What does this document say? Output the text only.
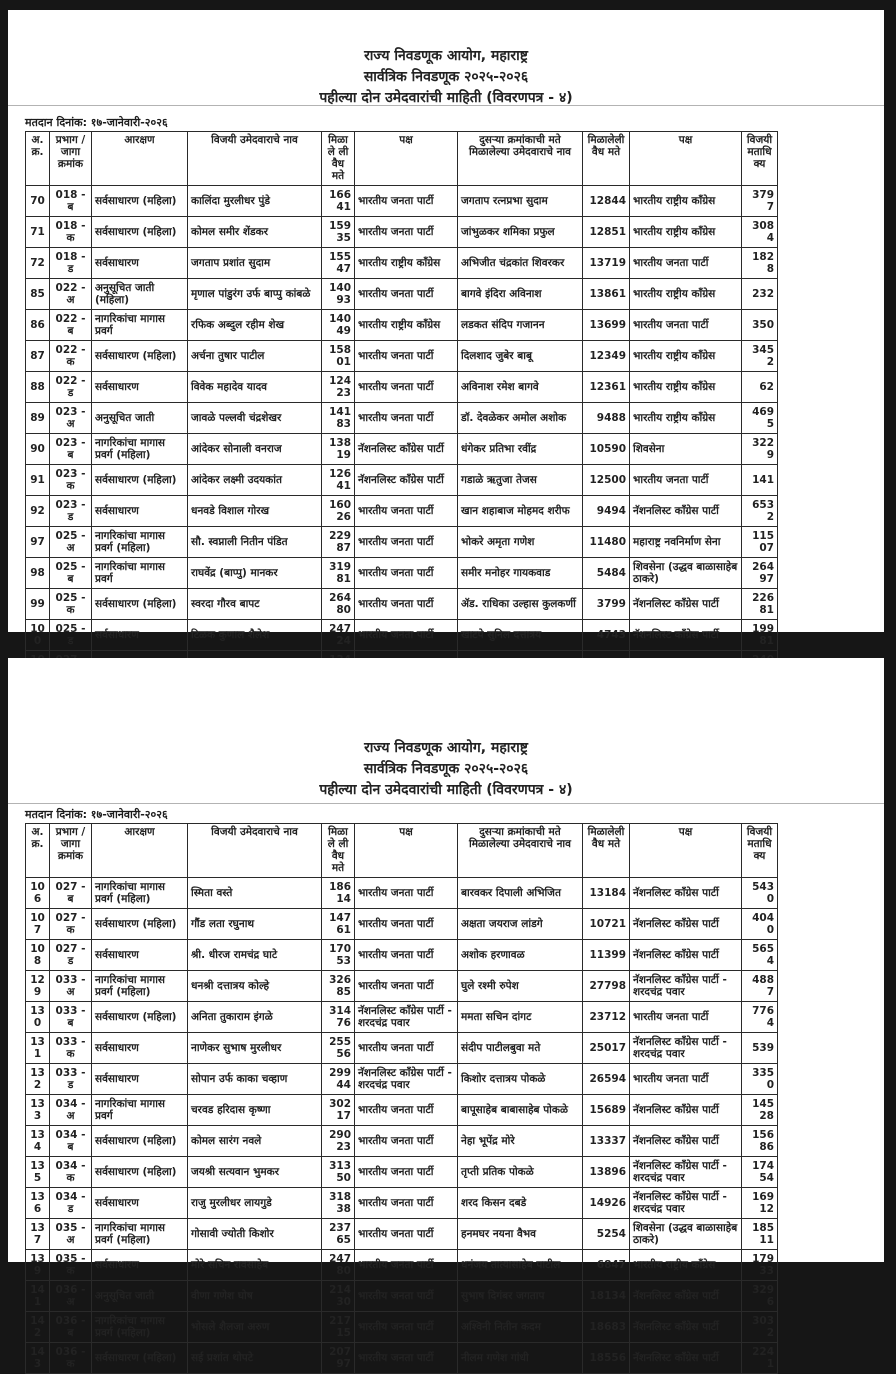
राज्य निवडणूक आयोग, महाराष्ट्र
सार्वत्रिक निवडणूक २०२५-२०२६
पहील्या दोन उमेदवारांची माहिती (विवरणपत्र - ४)
मतदान दिनांक: १७-जानेवारी-२०२६
अ. क्र.	प्रभाग / जागा क्रमांक	आरक्षण	विजयी उमेदवाराचे नाव	मिळाले ली वैध मते	पक्ष	दुसऱ्या क्रमांकाची मते मिळालेल्या उमेदवाराचे नाव	मिळालेली वैध मते	पक्ष	विजयी मताधिक्य
70	018 - ब	सर्वसाधारण (महिला)	कालिंदा मुरलीधर पुंडे	16641	भारतीय जनता पार्टी	जगताप रत्नप्रभा सुदाम	12844	भारतीय राष्ट्रीय काँग्रेस	3797
71	018 - क	सर्वसाधारण (महिला)	कोमल समीर शेंडकर	15935	भारतीय जनता पार्टी	जांभुळकर शमिका प्रफुल	12851	भारतीय राष्ट्रीय काँग्रेस	3084
72	018 - ड	सर्वसाधारण	जगताप प्रशांत सुदाम	15547	भारतीय राष्ट्रीय काँग्रेस	अभिजीत चंद्रकांत शिवरकर	13719	भारतीय जनता पार्टी	1828
85	022 - अ	अनुसूचित जाती (महिला)	मृणाल पांडुरंग उर्फ बाप्पु कांबळे	14093	भारतीय जनता पार्टी	बागवे इंदिरा अविनाश	13861	भारतीय राष्ट्रीय काँग्रेस	232
86	022 - ब	नागरिकांचा मागास प्रवर्ग	रफिक अब्दुल रहीम शेख	14049	भारतीय राष्ट्रीय काँग्रेस	लडकत संदिप गजानन	13699	भारतीय जनता पार्टी	350
87	022 - क	सर्वसाधारण (महिला)	अर्चना तुषार पाटील	15801	भारतीय जनता पार्टी	दिलशाद जुबेर बाबू	12349	भारतीय राष्ट्रीय काँग्रेस	3452
88	022 - ड	सर्वसाधारण	विवेक महादेव यादव	12423	भारतीय जनता पार्टी	अविनाश रमेश बागवे	12361	भारतीय राष्ट्रीय काँग्रेस	62
89	023 - अ	अनुसूचित जाती	जावळे पल्लवी चंद्रशेखर	14183	भारतीय जनता पार्टी	डॉ. देवळेकर अमोल अशोक	9488	भारतीय राष्ट्रीय काँग्रेस	4695
90	023 - ब	नागरिकांचा मागास प्रवर्ग (महिला)	आंदेकर सोनाली वनराज	13819	नॅशनलिस्ट काँग्रेस पार्टी	धंगेकर प्रतिभा रवींद्र	10590	शिवसेना	3229
91	023 - क	सर्वसाधारण (महिला)	आंदेकर लक्ष्मी उदयकांत	12641	नॅशनलिस्ट काँग्रेस पार्टी	गडाळे ऋतुजा तेजस	12500	भारतीय जनता पार्टी	141
92	023 - ड	सर्वसाधारण	धनवडे विशाल गोरख	16026	भारतीय जनता पार्टी	खान शहाबाज मोहमद शरीफ	9494	नॅशनलिस्ट काँग्रेस पार्टी	6532
97	025 - अ	नागरिकांचा मागास प्रवर्ग (महिला)	सौ. स्वप्नाली नितीन पंडित	22987	भारतीय जनता पार्टी	भोकरे अमृता गणेश	11480	महाराष्ट्र नवनिर्माण सेना	11507
98	025 - ब	नागरिकांचा मागास प्रवर्ग	राघवेंद्र (बाप्पु) मानकर	31981	भारतीय जनता पार्टी	समीर मनोहर गायकवाड	5484	शिवसेना (उद्धव बाळासाहेब ठाकरे)	26497
99	025 - क	सर्वसाधारण (महिला)	स्वरदा गौरव बापट	26480	भारतीय जनता पार्टी	ॲड. राधिका उल्हास कुलकर्णी	3799	नॅशनलिस्ट काँग्रेस पार्टी	22681
100	025 - ड	सर्वसाधारण	टिळक कुणाल शैलेश	24724	भारतीय जनता पार्टी	खाटपे सुनिल दत्तात्रय	4743	नॅशनलिस्ट काँग्रेस पार्टी	19981

राज्य निवडणूक आयोग, महाराष्ट्र
सार्वत्रिक निवडणूक २०२५-२०२६
पहील्या दोन उमेदवारांची माहिती (विवरणपत्र - ४)
मतदान दिनांक: १७-जानेवारी-२०२६
अ. क्र.	प्रभाग / जागा क्रमांक	आरक्षण	विजयी उमेदवाराचे नाव	मिळाले ली वैध मते	पक्ष	दुसऱ्या क्रमांकाची मते मिळालेल्या उमेदवाराचे नाव	मिळालेली वैध मते	पक्ष	विजयी मताधिक्य
106	027 - ब	नागरिकांचा मागास प्रवर्ग (महिला)	स्मिता वस्ते	18614	भारतीय जनता पार्टी	बारवकर दिपाली अभिजित	13184	नॅशनलिस्ट काँग्रेस पार्टी	5430
107	027 - क	सर्वसाधारण (महिला)	गौंड लता रघुनाथ	14761	भारतीय जनता पार्टी	अक्षता जयराज लांडगे	10721	नॅशनलिस्ट काँग्रेस पार्टी	4040
108	027 - ड	सर्वसाधारण	श्री. धीरज रामचंद्र घाटे	17053	भारतीय जनता पार्टी	अशोक हरणावळ	11399	नॅशनलिस्ट काँग्रेस पार्टी	5654
129	033 - अ	नागरिकांचा मागास प्रवर्ग (महिला)	धनश्री दत्तात्रय कोल्हे	32685	भारतीय जनता पार्टी	घुले रश्मी रुपेश	27798	नॅशनलिस्ट काँग्रेस पार्टी - शरदचंद्र पवार	4887
130	033 - ब	सर्वसाधारण (महिला)	अनिता तुकाराम इंगळे	31476	नॅशनलिस्ट काँग्रेस पार्टी - शरदचंद्र पवार	ममता सचिन दांगट	23712	भारतीय जनता पार्टी	7764
131	033 - क	सर्वसाधारण	नाणेकर सुभाष मुरलीधर	25556	भारतीय जनता पार्टी	संदीप पाटीलबुवा मते	25017	नॅशनलिस्ट काँग्रेस पार्टी - शरदचंद्र पवार	539
132	033 - ड	सर्वसाधारण	सोपान उर्फ काका चव्हाण	29944	नॅशनलिस्ट काँग्रेस पार्टी - शरदचंद्र पवार	किशोर दत्तात्रय पोकळे	26594	भारतीय जनता पार्टी	3350
133	034 - अ	नागरिकांचा मागास प्रवर्ग	चरवड हरिदास कृष्णा	30217	भारतीय जनता पार्टी	बापूसाहेब बाबासाहेब पोकळे	15689	नॅशनलिस्ट काँग्रेस पार्टी	14528
134	034 - ब	सर्वसाधारण (महिला)	कोमल सारंग नवले	29023	भारतीय जनता पार्टी	नेहा भूपेंद्र मोरे	13337	नॅशनलिस्ट काँग्रेस पार्टी	15686
135	034 - क	सर्वसाधारण (महिला)	जयश्री सत्यवान भुमकर	31350	भारतीय जनता पार्टी	तृप्ती प्रतिक पोकळे	13896	नॅशनलिस्ट काँग्रेस पार्टी - शरदचंद्र पवार	17454
136	034 - ड	सर्वसाधारण	राजु मुरलीधर लायगुडे	31838	भारतीय जनता पार्टी	शरद किसन दबडे	14926	नॅशनलिस्ट काँग्रेस पार्टी - शरदचंद्र पवार	16912
137	035 - अ	नागरिकांचा मागास प्रवर्ग (महिला)	गोसावी ज्योती किशोर	23765	भारतीय जनता पार्टी	हनमघर नयना वैभव	5254	शिवसेना (उद्धव बाळासाहेब ठाकरे)	18511
139	035 - क	सर्वसाधारण	मोरे सचिन रावसाहेब	24780	भारतीय जनता पार्टी	धनंजय तात्यासाहेब पाटील	6847	भारतीय राष्ट्रीय काँग्रेस	17933
141	036 - अ	अनुसूचित जाती	वीणा गणेश घोष	21430	भारतीय जनता पार्टी	सुभाष दिगंबर जगताप	18134	नॅशनलिस्ट काँग्रेस पार्टी	3296
142	036 - ब	नागरिकांचा मागास प्रवर्ग (महिला)	भोसले शैलजा अरुण	21715	भारतीय जनता पार्टी	अश्विनी नितीन कदम	18683	नॅशनलिस्ट काँग्रेस पार्टी	3032
143	036 - क	सर्वसाधारण (महिला)	सई प्रशांत थोपटे	20797	भारतीय जनता पार्टी	नीलम गणेश गांधी	18556	नॅशनलिस्ट काँग्रेस पार्टी	2241
